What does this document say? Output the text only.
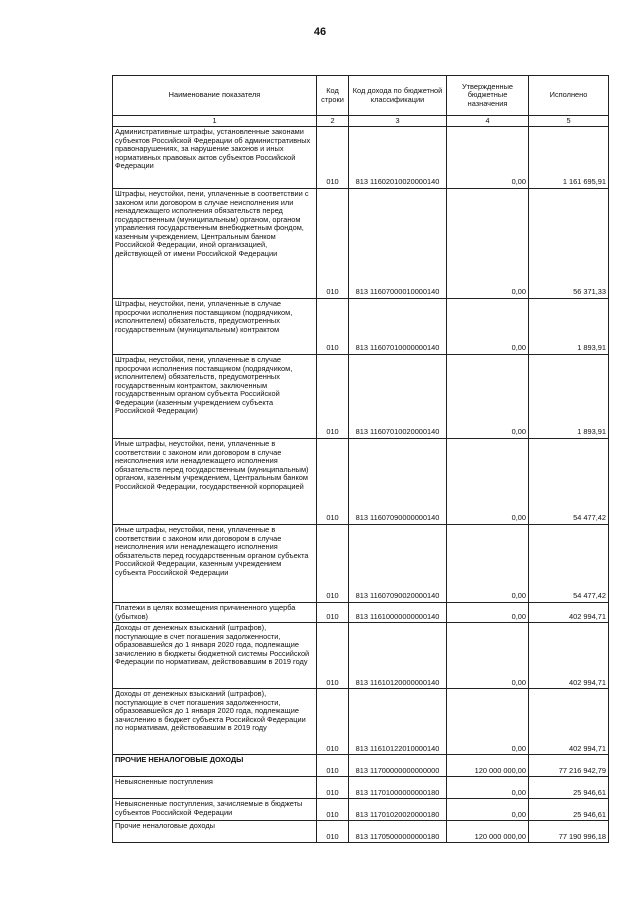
46
Наименование показателя	Код строки	Код дохода по бюджетной классификации	Утвержденные бюджетные назначения	Исполнено
1	2	3	4	5
Административные штрафы, установленные законами субъектов Российской Федерации об административных правонарушениях, за нарушение законов и иных нормативных правовых актов субъектов Российской Федерации	010	813 11602010020000140	0,00	1 161 695,91
Штрафы, неустойки, пени, уплаченные в соответствии с законом или договором в случае неисполнения или ненадлежащего исполнения обязательств перед государственным (муниципальным) органом, органом управления государственным внебюджетным фондом, казенным учреждением, Центральным банком Российской Федерации, иной организацией, действующей от имени Российской Федерации	010	813 11607000010000140	0,00	56 371,33
Штрафы, неустойки, пени, уплаченные в случае просрочки исполнения поставщиком (подрядчиком, исполнителем) обязательств, предусмотренных государственным (муниципальным) контрактом	010	813 11607010000000140	0,00	1 893,91
Штрафы, неустойки, пени, уплаченные в случае просрочки исполнения поставщиком (подрядчиком, исполнителем) обязательств, предусмотренных государственным контрактом, заключенным государственным органом субъекта Российской Федерации (казенным учреждением субъекта Российской Федерации)	010	813 11607010020000140	0,00	1 893,91
Иные штрафы, неустойки, пени, уплаченные в соответствии с законом или договором в случае неисполнения или ненадлежащего исполнения обязательств перед государственным (муниципальным) органом, казенным учреждением, Центральным банком Российской Федерации, государственной корпорацией	010	813 11607090000000140	0,00	54 477,42
Иные штрафы, неустойки, пени, уплаченные в соответствии с законом или договором в случае неисполнения или ненадлежащего исполнения обязательств перед государственным органом субъекта Российской Федерации, казенным учреждением субъекта Российской Федерации	010	813 11607090020000140	0,00	54 477,42
Платежи в целях возмещения причиненного ущерба (убытков)	010	813 11610000000000140	0,00	402 994,71
Доходы от денежных взысканий (штрафов), поступающие в счет погашения задолженности, образовавшейся до 1 января 2020 года, подлежащие зачислению в бюджеты бюджетной системы Российской Федерации по нормативам, действовавшим в 2019 году	010	813 11610120000000140	0,00	402 994,71
Доходы от денежных взысканий (штрафов), поступающие в счет погашения задолженности, образовавшейся до 1 января 2020 года, подлежащие зачислению в бюджет субъекта Российской Федерации по нормативам, действовавшим в 2019 году	010	813 11610122010000140	0,00	402 994,71
ПРОЧИЕ НЕНАЛОГОВЫЕ ДОХОДЫ	010	813 11700000000000000	120 000 000,00	77 216 942,79
Невыясненные поступления	010	813 11701000000000180	0,00	25 946,61
Невыясненные поступления, зачисляемые в бюджеты субъектов Российской Федерации	010	813 11701020020000180	0,00	25 946,61
Прочие неналоговые доходы	010	813 11705000000000180	120 000 000,00	77 190 996,18
